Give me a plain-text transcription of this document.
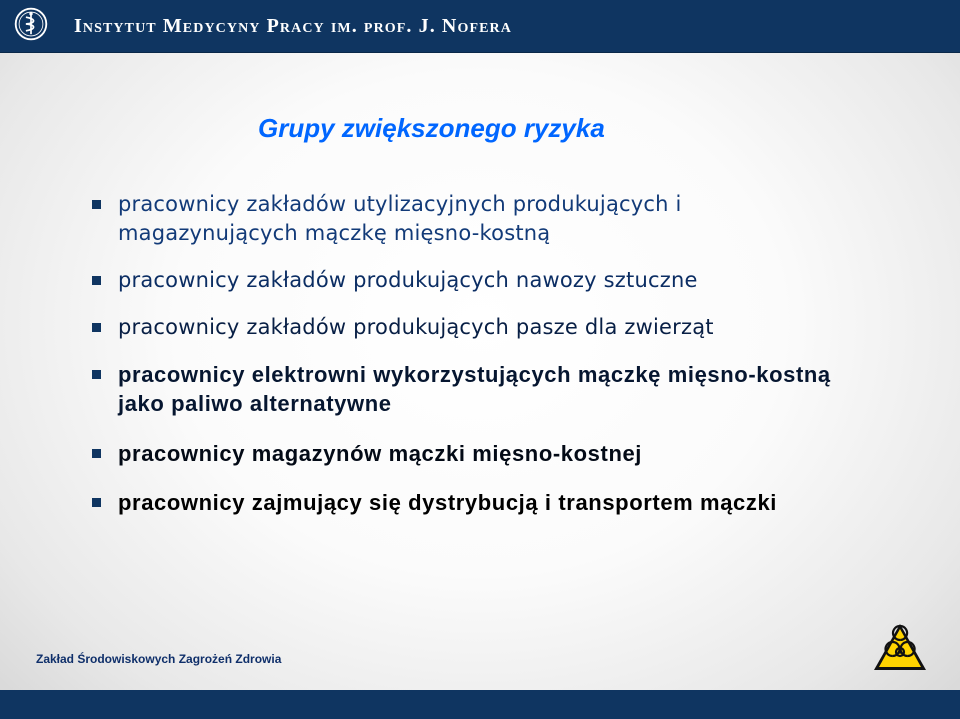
Instytut Medycyny Pracy im. prof. J. Nofera
Grupy zwiększonego ryzyka
pracownicy zakładów utylizacyjnych produkujących i magazynujących mączkę mięsno-kostną
pracownicy zakładów produkujących nawozy sztuczne
pracownicy zakładów produkujących pasze dla zwierząt
pracownicy elektrowni wykorzystujących mączkę mięsno-kostną jako paliwo alternatywne
pracownicy magazynów mączki mięsno-kostnej
pracownicy zajmujący się dystrybucją i transportem mączki
Zakład Środowiskowych Zagrożeń Zdrowia
